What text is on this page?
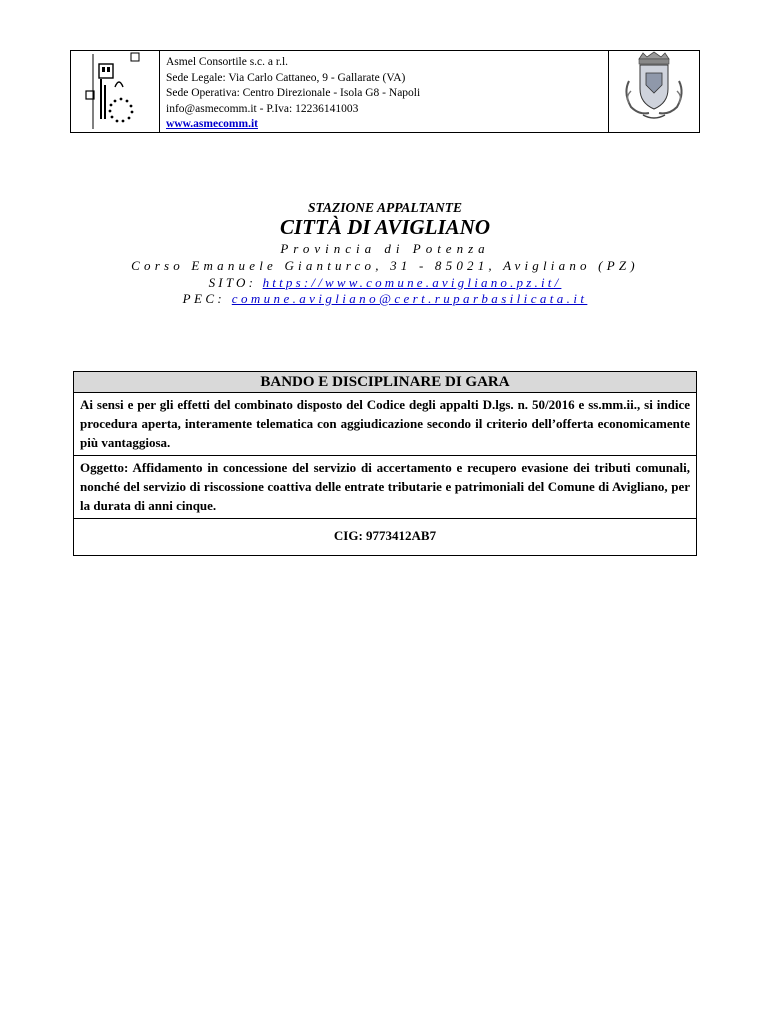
Asmel Consortile s.c. a r.l.
Sede Legale: Via Carlo Cattaneo, 9 - Gallarate (VA)
Sede Operativa: Centro Direzionale - Isola G8 - Napoli
info@asmecomm.it - P.Iva: 12236141003
www.asmecomm.it
STAZIONE APPALTANTE
CITTÀ DI AVIGLIANO
Provincia di Potenza
Corso Emanuele Gianturco, 31 - 85021, Avigliano (PZ)
SITO: https://www.comune.avigliano.pz.it/
PEC: comune.avigliano@cert.ruparbasilicata.it
BANDO E DISCIPLINARE DI GARA
Ai sensi e per gli effetti del combinato disposto del Codice degli appalti D.lgs. n. 50/2016 e ss.mm.ii., si indice procedura aperta, interamente telematica con aggiudicazione secondo il criterio dell’offerta economicamente più vantaggiosa.
Oggetto: Affidamento in concessione del servizio di accertamento e recupero evasione dei tributi comunali, nonché del servizio di riscossione coattiva delle entrate tributarie e patrimoniali del Comune di Avigliano, per la durata di anni cinque.
CIG: 9773412AB7
